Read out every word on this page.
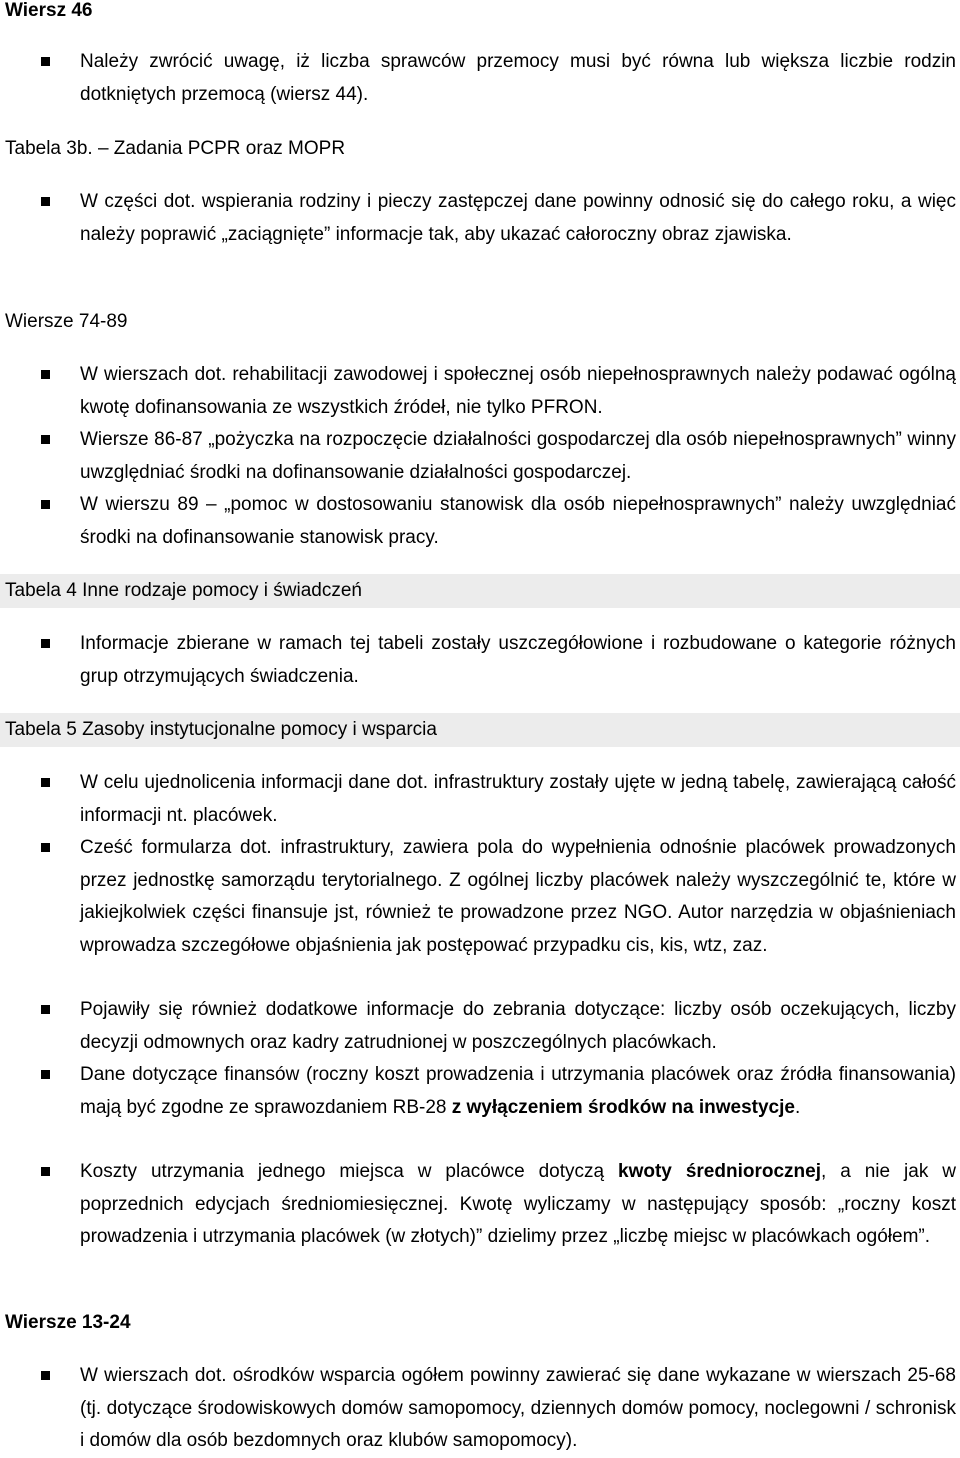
Wiersz 46
Należy zwrócić uwagę, iż liczba sprawców przemocy musi być równa lub większa liczbie rodzin dotkniętych przemocą (wiersz 44).
Tabela 3b. – Zadania PCPR oraz MOPR
W części dot. wspierania rodziny i pieczy zastępczej dane powinny odnosić się do całego roku, a więc należy poprawić „zaciągnięte” informacje tak, aby ukazać całoroczny obraz zjawiska.
Wiersze 74-89
W wierszach dot. rehabilitacji zawodowej i społecznej osób niepełnosprawnych należy podawać ogólną kwotę dofinansowania ze wszystkich źródeł, nie tylko PFRON.
Wiersze 86-87 „pożyczka na rozpoczęcie działalności gospodarczej dla osób niepełnosprawnych” winny uwzględniać środki na dofinansowanie działalności gospodarczej.
W wierszu 89 – „pomoc w dostosowaniu stanowisk dla osób niepełnosprawnych” należy uwzględniać środki na dofinansowanie stanowisk pracy.
Tabela 4 Inne rodzaje pomocy i świadczeń
Informacje zbierane w ramach tej tabeli zostały uszczegółowione i rozbudowane o kategorie różnych grup otrzymujących świadczenia.
Tabela 5 Zasoby instytucjonalne pomocy i wsparcia
W celu ujednolicenia informacji dane dot. infrastruktury zostały ujęte w jedną tabelę, zawierającą całość informacji nt. placówek.
Cześć formularza dot. infrastruktury, zawiera pola do wypełnienia odnośnie placówek prowadzonych przez jednostkę samorządu terytorialnego. Z ogólnej liczby placówek należy wyszczególnić te, które w jakiejkolwiek części finansuje jst, również te prowadzone przez NGO. Autor narzędzia w objaśnieniach wprowadza szczegółowe objaśnienia jak postępować przypadku cis, kis, wtz, zaz.
Pojawiły się również dodatkowe informacje do zebrania dotyczące: liczby osób oczekujących, liczby decyzji odmownych oraz kadry zatrudnionej w poszczególnych placówkach.
Dane dotyczące finansów (roczny koszt prowadzenia i utrzymania placówek oraz źródła finansowania) mają być zgodne ze sprawozdaniem RB-28 z wyłączeniem środków na inwestycje.
Koszty utrzymania jednego miejsca w placówce dotyczą kwoty średniorocznej, a nie jak w poprzednich edycjach średniomiesięcznej. Kwotę wyliczamy w następujący sposób: „roczny koszt prowadzenia i utrzymania placówek (w złotych)” dzielimy przez „liczbę miejsc w placówkach ogółem”.
Wiersze 13-24
W wierszach dot. ośrodków wsparcia ogółem powinny zawierać się dane wykazane w wierszach 25-68 (tj. dotyczące środowiskowych domów samopomocy, dziennych domów pomocy, noclegowni / schronisk i domów dla osób bezdomnych oraz klubów samopomocy).
